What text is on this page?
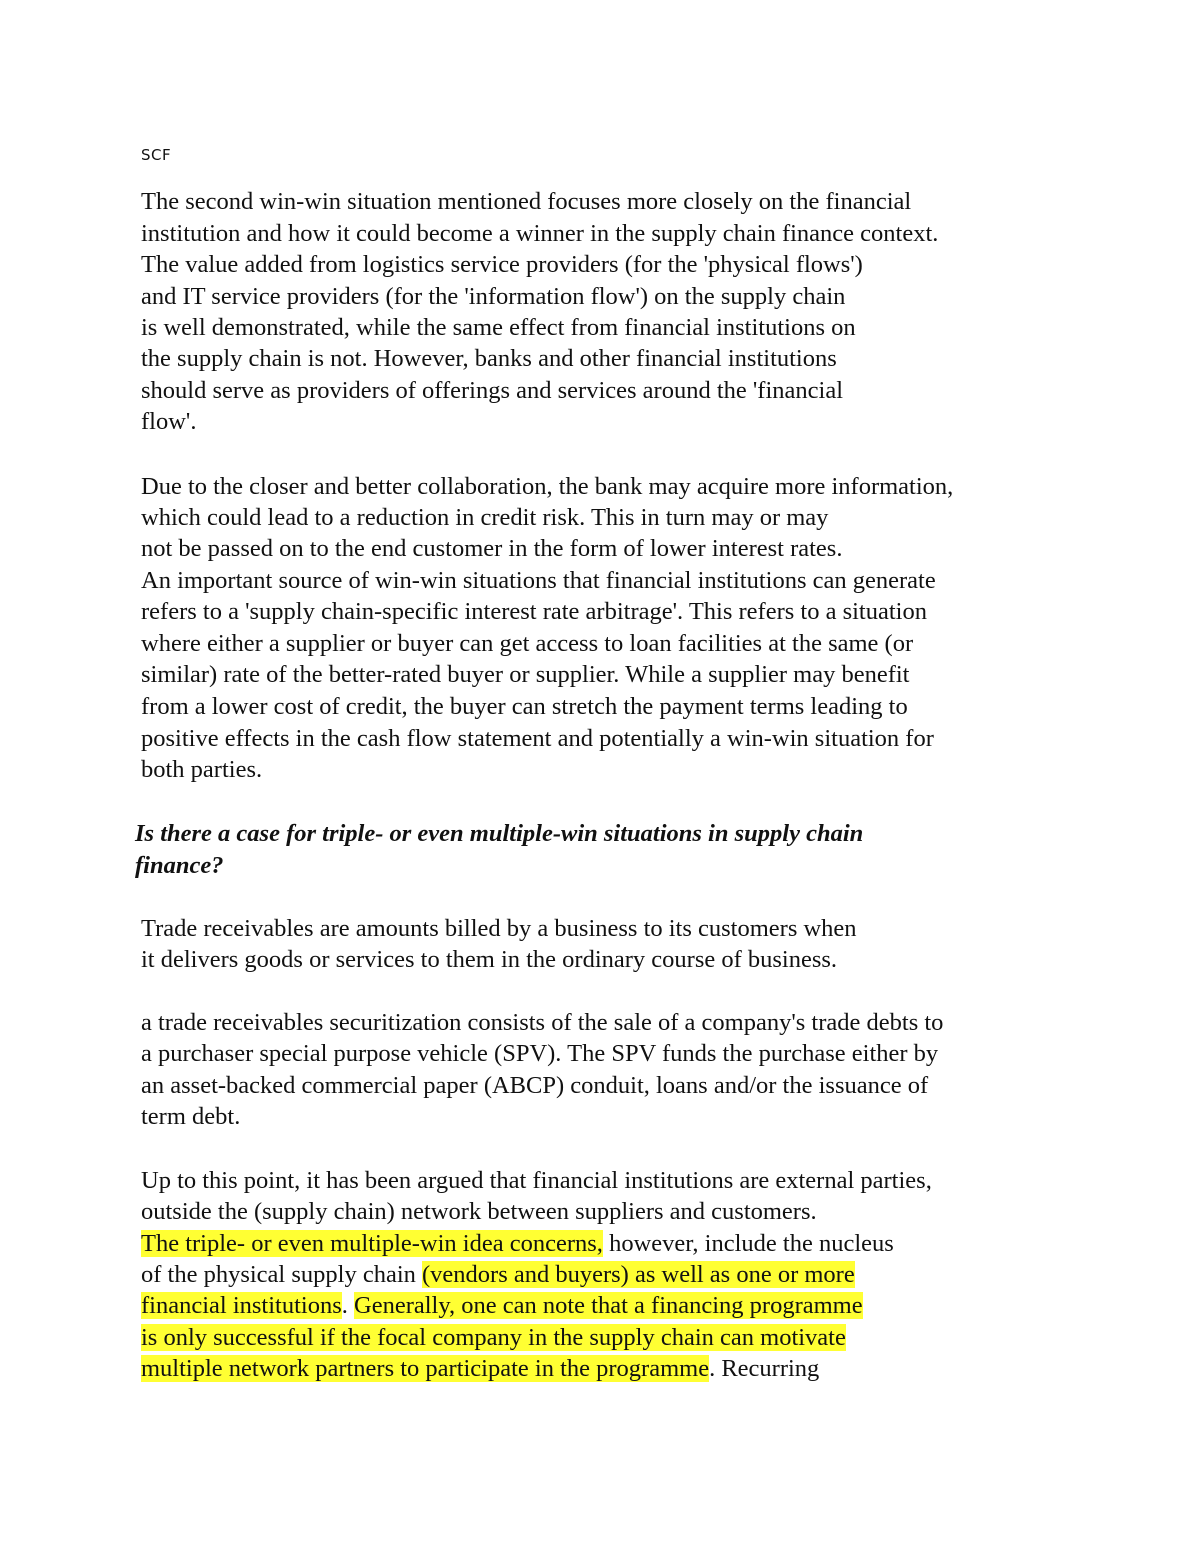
SCF
The second win-win situation mentioned focuses more closely on the financial
institution and how it could become a winner in the supply chain finance context.
The value added from logistics service providers (for the 'physical flows')
and IT service providers (for the 'information flow') on the supply chain
is well demonstrated, while the same effect from financial institutions on
the supply chain is not. However, banks and other financial institutions
should serve as providers of offerings and services around the 'financial
flow'.
Due to the closer and better collaboration, the bank may acquire more information,
which could lead to a reduction in credit risk. This in turn may or may
not be passed on to the end customer in the form of lower interest rates.
An important source of win-win situations that financial institutions can generate
refers to a 'supply chain-specific interest rate arbitrage'. This refers to a situation
where either a supplier or buyer can get access to loan facilities at the same (or
similar) rate of the better-rated buyer or supplier. While a supplier may benefit
from a lower cost of credit, the buyer can stretch the payment terms leading to
positive effects in the cash flow statement and potentially a win-win situation for
both parties.
Is there a case for triple- or even multiple-win situations in supply chain
finance?
Trade receivables are amounts billed by a business to its customers when
it delivers goods or services to them in the ordinary course of business.
a trade receivables securitization consists of the sale of a company's trade debts to
a purchaser special purpose vehicle (SPV). The SPV funds the purchase either by
an asset-backed commercial paper (ABCP) conduit, loans and/or the issuance of
term debt.
Up to this point, it has been argued that financial institutions are external parties,
outside the (supply chain) network between suppliers and customers.
The triple- or even multiple-win idea concerns, however, include the nucleus
of the physical supply chain (vendors and buyers) as well as one or more
financial institutions. Generally, one can note that a financing programme
is only successful if the focal company in the supply chain can motivate
multiple network partners to participate in the programme. Recurring
